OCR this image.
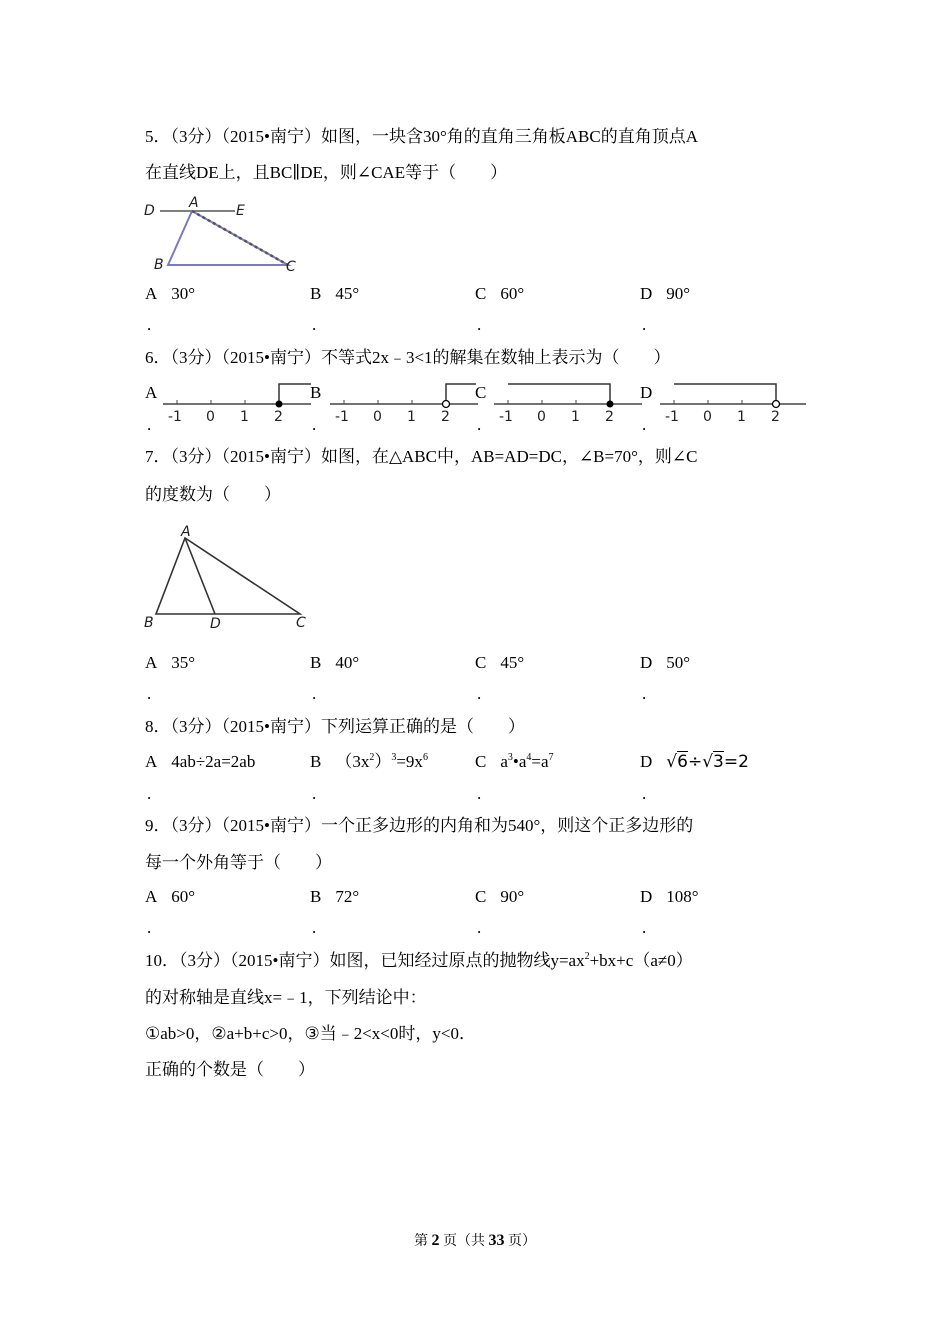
5．（3分）（2015•南宁）如图，一块含30°角的直角三角板ABC的直角顶点A
在直线DE上，且BC∥DE，则∠CAE等于（　　）
D A	E
B	C
A 30°	B 45°	C 60°	D 90°
.	.	.	.
6．（3分）（2015•南宁）不等式2x﹣3<1的解集在数轴上表示为（　　）
A
-1 0 1 2
B
-1 0 1 2
C
-1 0 1 2
D
-1 0 1 2
.	.	.	.
7．（3分）（2015•南宁）如图，在△ABC中，AB=AD=DC，∠B=70°，则∠C
的度数为（　　）
A
B	D	C
A 35°	B 40°	C 45°	D 50°
.	.	.	.
8．（3分）（2015•南宁）下列运算正确的是（　　）
A 4ab÷2a=2ab	B $(3x^2)^3=9x^6$	C $a^3•a^4=a^7$	D √6÷√3=2
.	.	.	.
9．（3分）（2015•南宁）一个正多边形的内角和为540°，则这个正多边形的
每一个外角等于（　　）
A 60°	B 72°	C 90°	D 108°
.	.	.	.
10．（3分）（2015•南宁）如图，已知经过原点的抛物线$y=ax^2+bx+c(a\ne 0)$
的对称轴是直线x=﹣1，下列结论中：
①ab>0，②a+b+c>0，③当﹣2<x<0时，y<0．
正确的个数是（　　）
第 2 页（共 33 页）
